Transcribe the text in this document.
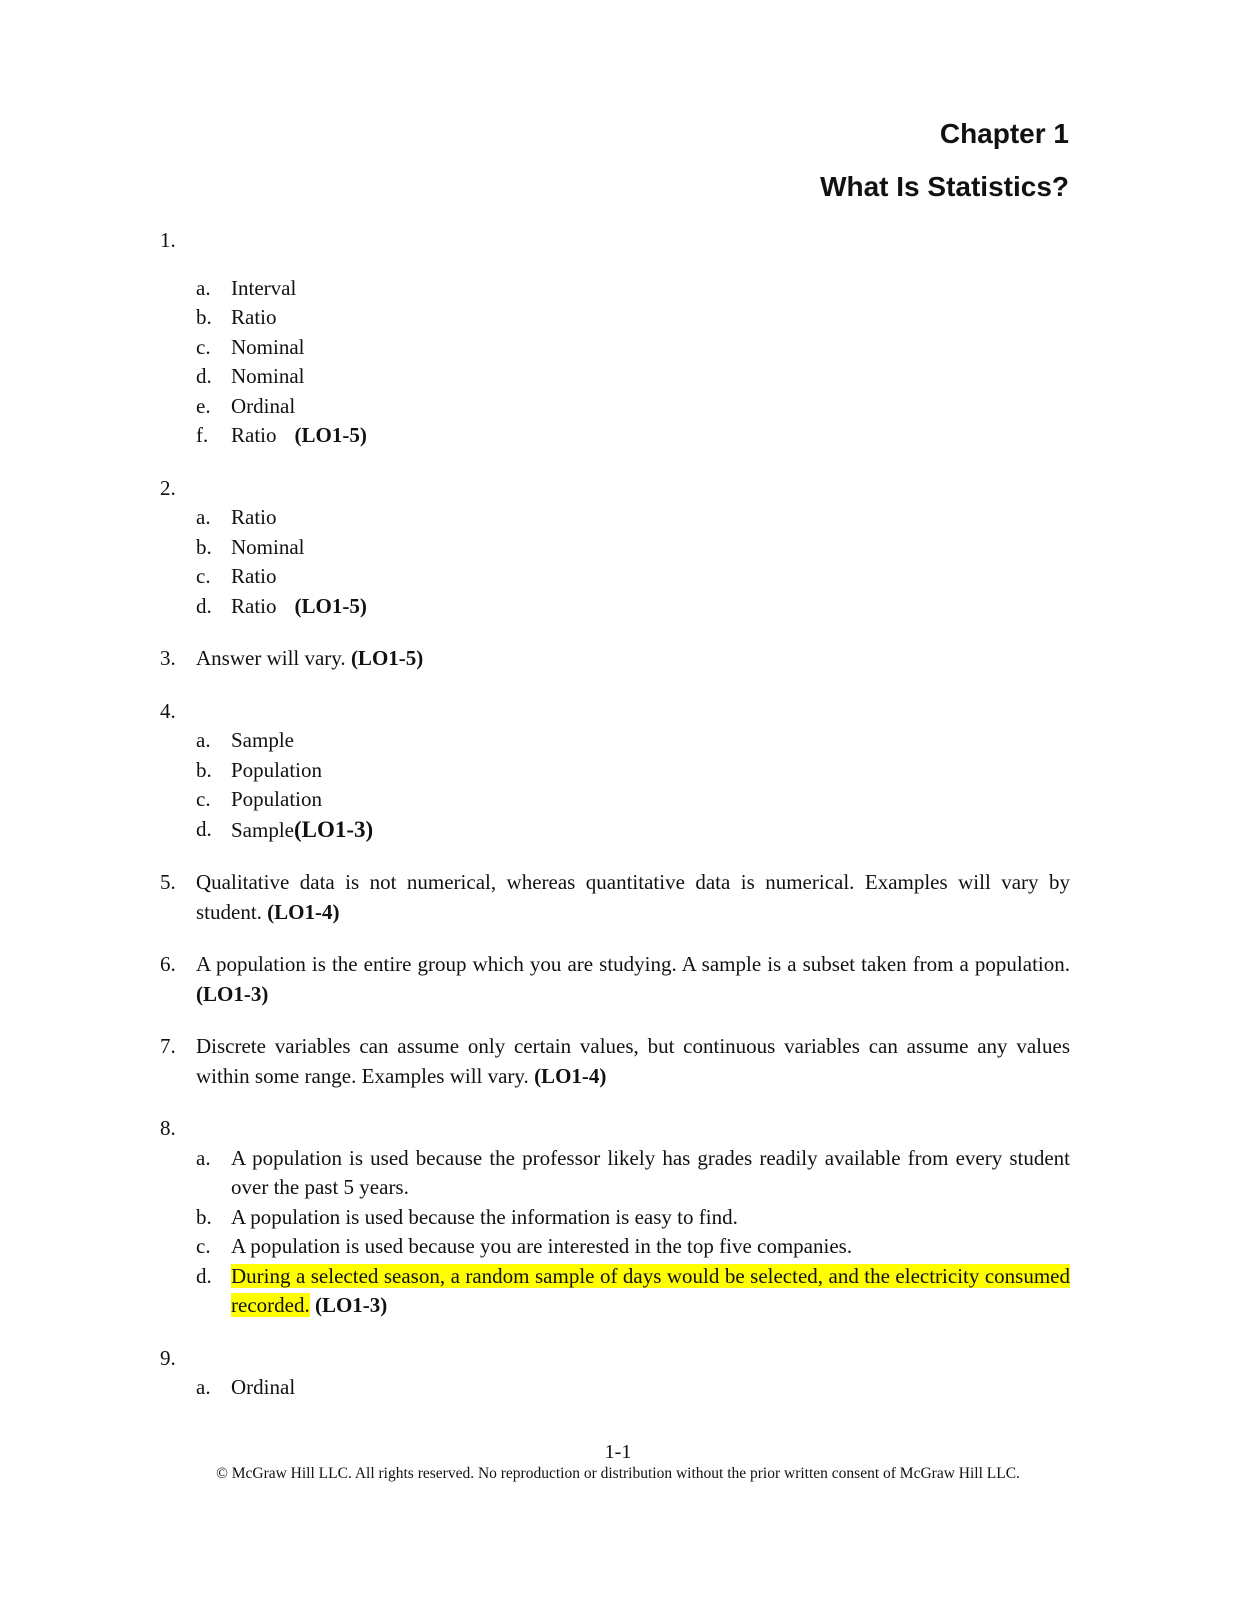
Chapter 1
What Is Statistics?
1.
a. Interval
b. Ratio
c. Nominal
d. Nominal
e. Ordinal
f. Ratio (LO1-5)
2.
a. Ratio
b. Nominal
c. Ratio
d. Ratio (LO1-5)
3. Answer will vary. (LO1-5)
4.
a. Sample
b. Population
c. Population
d. Sample(LO1-3)
5. Qualitative data is not numerical, whereas quantitative data is numerical. Examples will vary by student. (LO1-4)
6. A population is the entire group which you are studying. A sample is a subset taken from a population. (LO1-3)
7. Discrete variables can assume only certain values, but continuous variables can assume any values within some range. Examples will vary. (LO1-4)
8.
a. A population is used because the professor likely has grades readily available from every student over the past 5 years.
b. A population is used because the information is easy to find.
c. A population is used because you are interested in the top five companies.
d. During a selected season, a random sample of days would be selected, and the electricity consumed recorded. (LO1-3)
9.
a. Ordinal
1-1
© McGraw Hill LLC. All rights reserved. No reproduction or distribution without the prior written consent of McGraw Hill LLC.
